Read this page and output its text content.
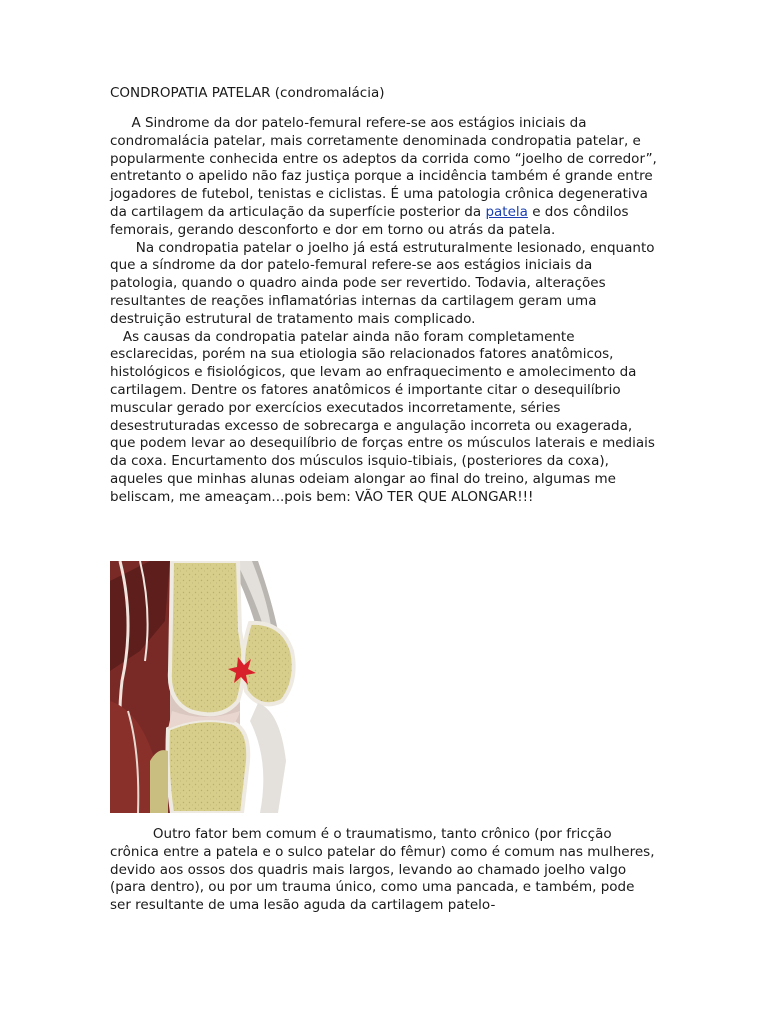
CONDROPATIA PATELAR (condromalácia)

A Sindrome da dor patelo-femural refere-se aos estágios iniciais da condromalácia patelar, mais corretamente denominada condropatia patelar, e popularmente conhecida entre os adeptos da corrida como “joelho de corredor”, entretanto o apelido não faz justiça porque a incidência também é grande entre jogadores de futebol, tenistas e ciclistas. É uma patologia crônica degenerativa da cartilagem da articulação da superfície posterior da patela e dos côndilos femorais, gerando desconforto e dor em torno ou atrás da patela.

Na condropatia patelar o joelho já está estruturalmente lesionado, enquanto que a síndrome da dor patelo-femural refere-se aos estágios iniciais da patologia, quando o quadro ainda pode ser revertido. Todavia, alterações resultantes de reações inflamatórias internas da cartilagem geram uma destruição estrutural de tratamento mais complicado.

As causas da condropatia patelar ainda não foram completamente esclarecidas, porém na sua etiologia são relacionados fatores anatômicos, histológicos e fisiológicos, que levam ao enfraquecimento e amolecimento da cartilagem. Dentre os fatores anatômicos é importante citar o desequilíbrio muscular gerado por exercícios executados incorretamente, séries desestruturadas excesso de sobrecarga e angulação incorreta ou exagerada, que podem levar ao desequilíbrio de forças entre os músculos laterais e mediais da coxa. Encurtamento dos músculos isquio-tibiais, (posteriores da coxa), aqueles que minhas alunas odeiam alongar ao final do treino, algumas me beliscam, me ameaçam...pois bem: VÃO TER QUE ALONGAR!!!

Outro fator bem comum é o traumatismo, tanto crônico (por fricção crônica entre a patela e o sulco patelar do fêmur) como é comum nas mulheres, devido aos ossos dos quadris mais largos, levando ao chamado joelho valgo (para dentro), ou por um trauma único, como uma pancada, e também, pode ser resultante de uma lesão aguda da cartilagem patelo-
